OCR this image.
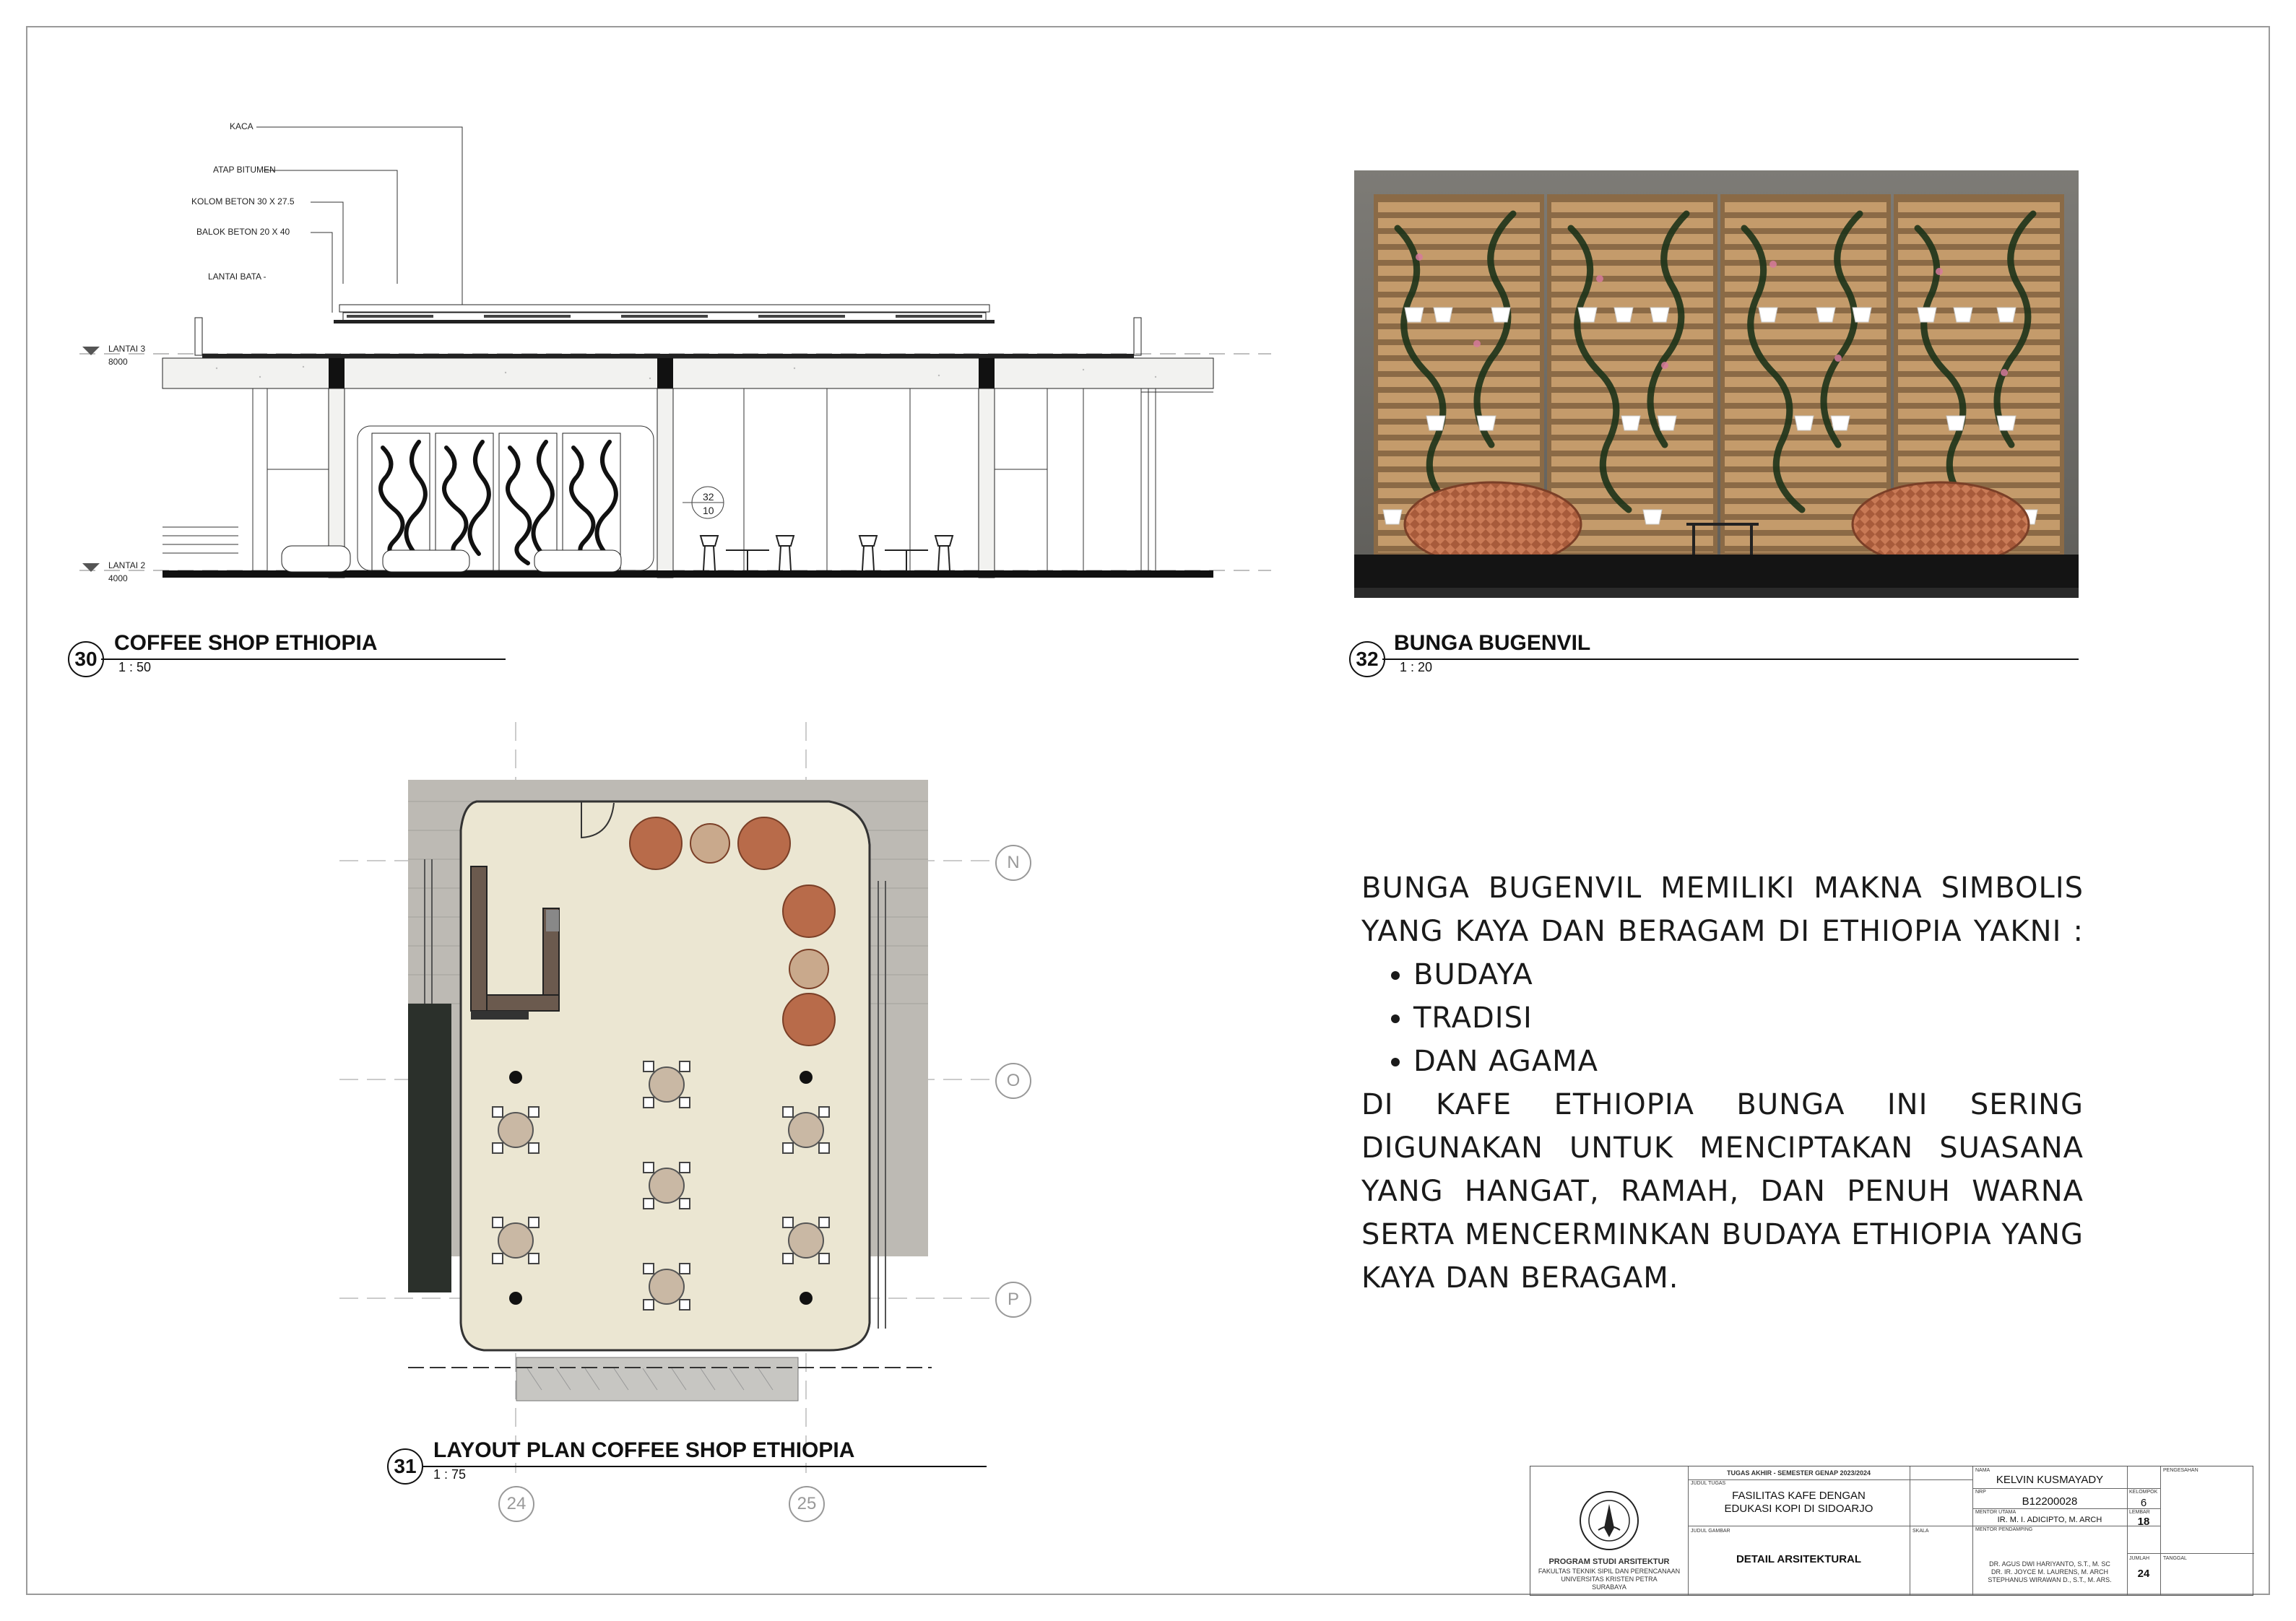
KACA
ATAP BITUMEN
KOLOM BETON 30 X 27.5
BALOK BETON 20 X 40
LANTAI BATA
LANTAI 3
8000
LANTAI 2
4000
32
10
30
COFFEE SHOP ETHIOPIA
1 : 50	32
BUNGA BUGENVIL
1 : 20
N
O
P
24	25
31
LAYOUT PLAN COFFEE SHOP ETHIOPIA
1 : 75

BUNGA BUGENVIL MEMILIKI MAKNA SIMBOLIS YANG KAYA DAN BERAGAM DI ETHIOPIA YAKNI :

• BUDAYA
• TRADISI
• DAN AGAMA

DI KAFE ETHIOPIA BUNGA INI SERING DIGUNAKAN UNTUK MENCIPTAKAN SUASANA YANG HANGAT, RAMAH, DAN PENUH WARNA SERTA MENCERMINKAN BUDAYA ETHIOPIA YANG KAYA DAN BERAGAM.

PROGRAM STUDI ARSITEKTUR
FAKULTAS TEKNIK SIPIL DAN PERENCANAAN
UNIVERSITAS KRISTEN PETRA
SURABAYA
TUGAS AKHIR - SEMESTER GENAP 2023/2024
JUDUL TUGAS
FASILITAS KAFE DENGAN
EDUKASI KOPI DI SIDOARJO
JUDUL GAMBAR
DETAIL ARSITEKTURAL
SKALA
NAMA
KELVIN KUSMAYADY
NRP
B12200028
KELOMPOK
6
MENTOR UTAMA
IR. M. I. ADICIPTO, M. ARCH
LEMBAR
18
MENTOR PENDAMPING
DR. AGUS DWI HARIYANTO, S.T., M. SC
DR. IR. JOYCE M. LAURENS, M. ARCH
STEPHANUS WIRAWAN D., S.T., M. ARS.
JUMLAH
24
PENGESAHAN
TANGGAL
